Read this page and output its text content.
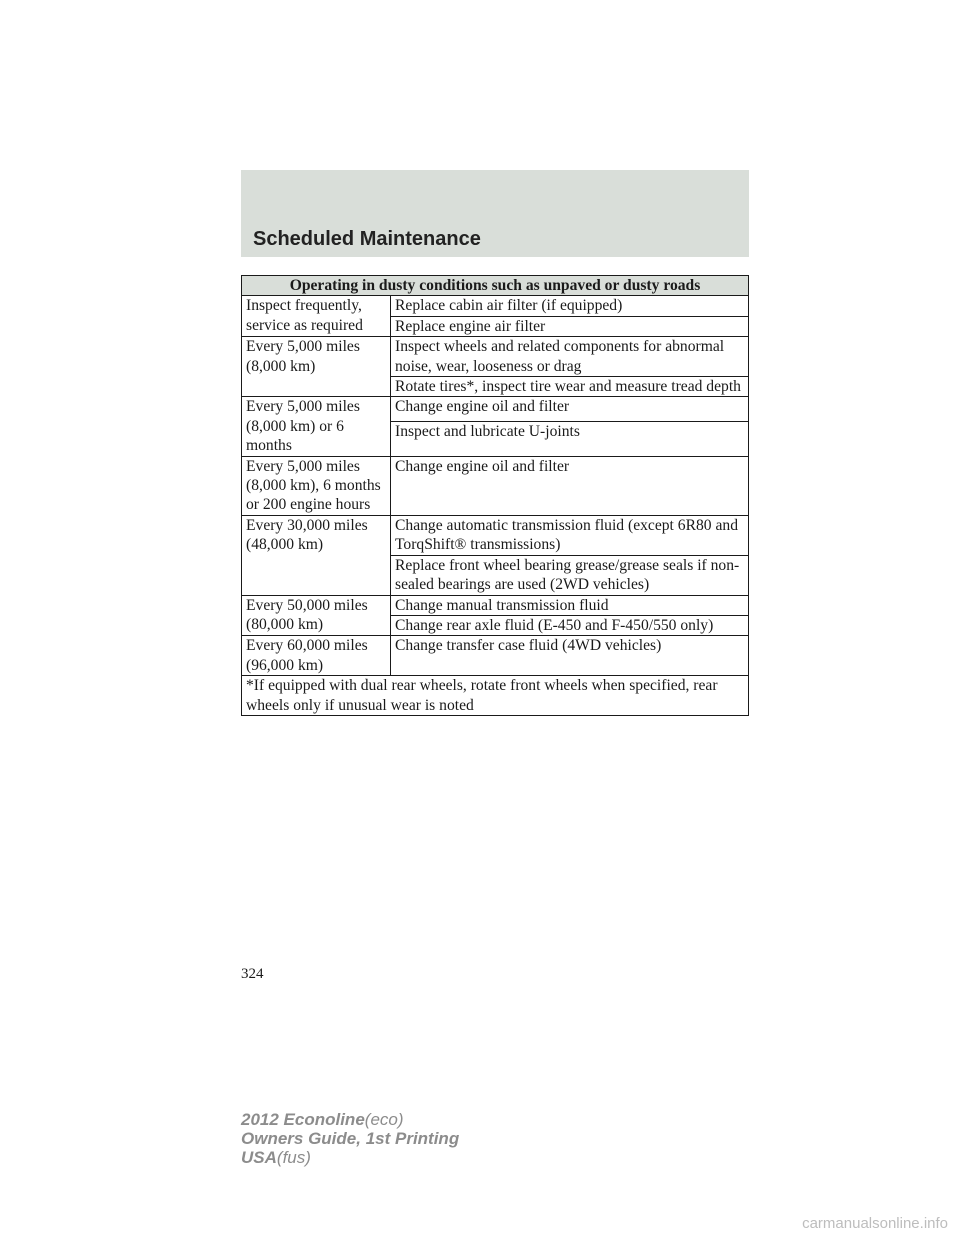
Scheduled Maintenance
Operating in dusty conditions such as unpaved or dusty roads	
Inspect frequently, service as required	Replace cabin air filter (if equipped)
	Replace engine air filter
Every 5,000 miles (8,000 km)	Inspect wheels and related components for abnormal noise, wear, looseness or drag
	Rotate tires*, inspect tire wear and measure tread depth
Every 5,000 miles (8,000 km) or 6 months	Change engine oil and filter
	Inspect and lubricate U-joints
Every 5,000 miles (8,000 km), 6 months or 200 engine hours	Change engine oil and filter
Every 30,000 miles (48,000 km)	Change automatic transmission fluid (except 6R80 and TorqShift® transmissions)
	Replace front wheel bearing grease/grease seals if non-sealed bearings are used (2WD vehicles)
Every 50,000 miles (80,000 km)	Change manual transmission fluid
	Change rear axle fluid (E-450 and F-450/550 only)
Every 60,000 miles (96,000 km)	Change transfer case fluid (4WD vehicles)
*If equipped with dual rear wheels, rotate front wheels when specified, rear wheels only if unusual wear is noted	
324
2012 Econoline(eco)
Owners Guide, 1st Printing
USA(fus)
carmanualsonline.info
